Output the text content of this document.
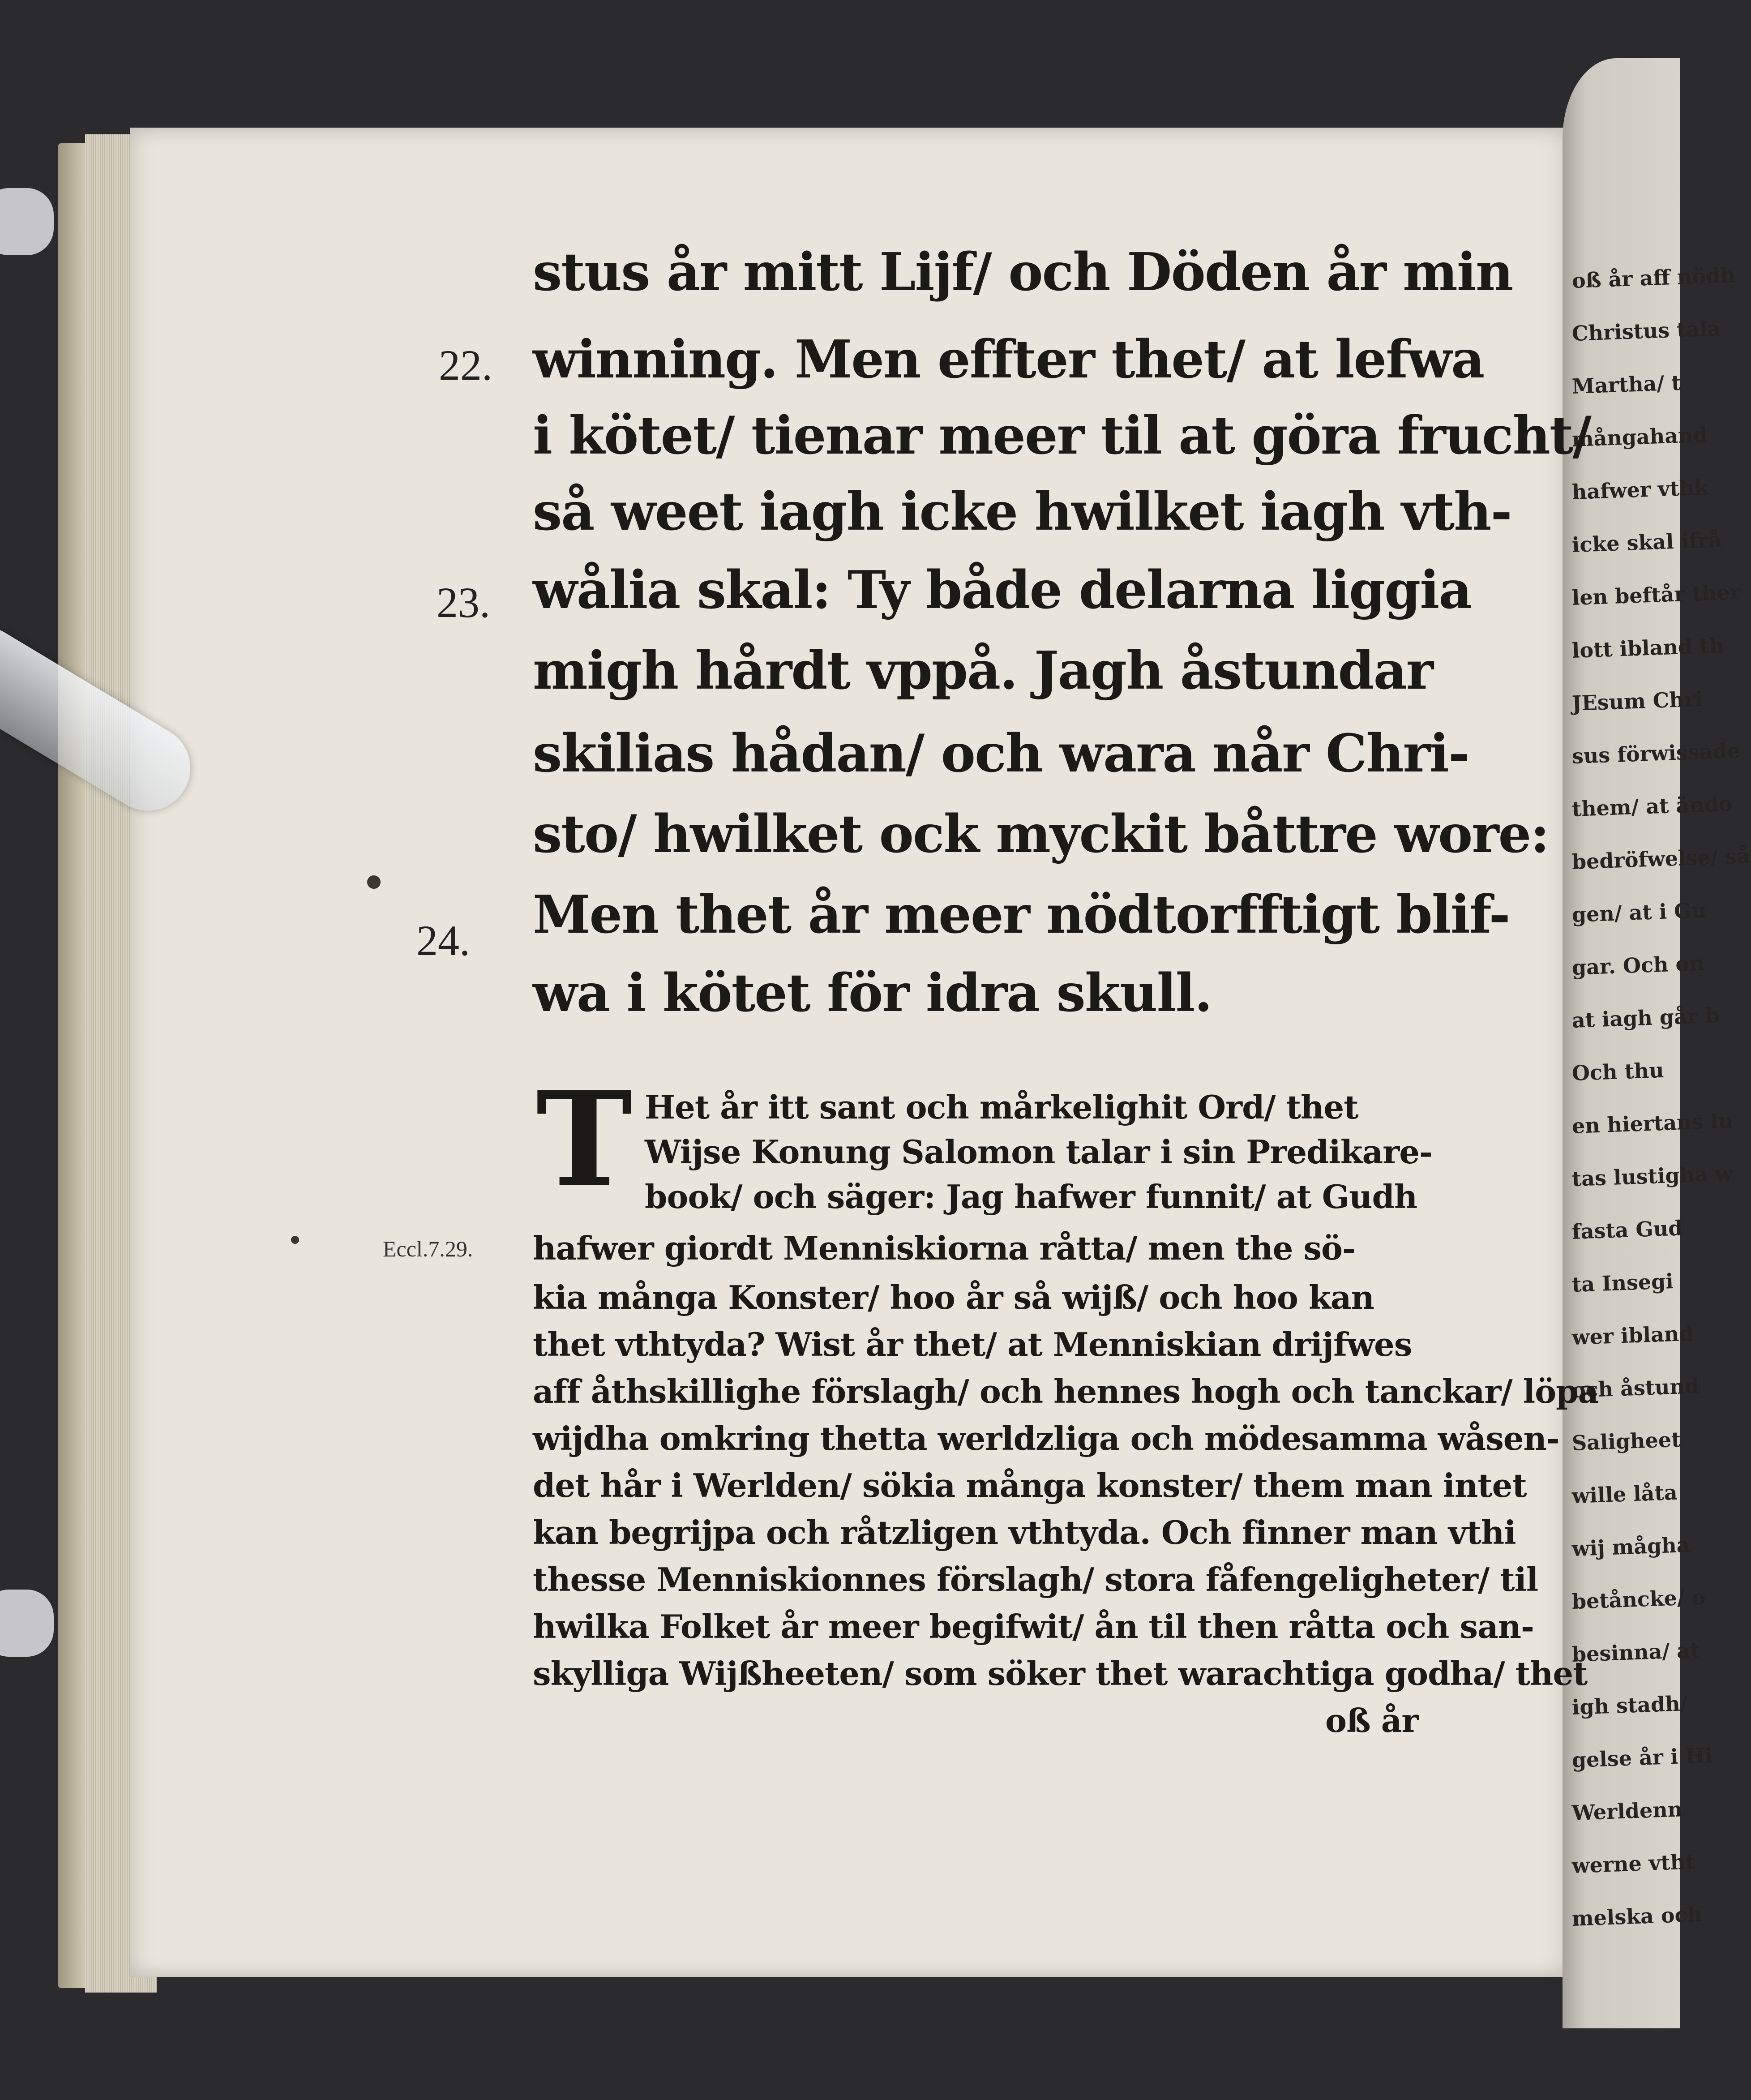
oß år aff nödh
Christus tala
Martha/ t
mångahand
hafwer vthk
icke skal ifrå
len beftår ther
lott ibland th
JEsum Chri
sus förwissade
them/ at ändo
bedröfwelse/ så
gen/ at i Gu
gar. Och on
at iagh går b
Och thu
en hiertans lu
tas lustigha w
fasta Gud
ta Insegi
wer ibland
och åstund
Saligheet
wille låta
wij mågha
betåncke/ o
besinna/ at
igh stadh/
gelse år i Hi
Werldenn
werne vtht
melska och
stus år mitt Lijf/ och Döden år min
winning. Men effter thet/ at lefwa
i kötet/ tienar meer til at göra frucht/
så weet iagh icke hwilket iagh vth-
wålia skal: Ty både delarna liggia
migh hårdt vppå. Jagh åstundar
skilias hådan/ och wara når Chri-
sto/ hwilket ock myckit båttre wore:
Men thet år meer nödtorfftigt blif-
wa i kötet för idra skull.
22.
23.
24.
T Het år itt sant och mårkelighit Ord/ thet
Wijse Konung Salomon talar i sin Predikare-
book/ och säger: Jag hafwer funnit/ at Gudh
hafwer giordt Menniskiorna råtta/ men the sö-
kia många Konster/ hoo år så wijß/ och hoo kan
thet vthtyda? Wist år thet/ at Menniskian drijfwes
aff åthskillighe förslagh/ och hennes hogh och tanckar/ löpa
wijdha omkring thetta werldzliga och mödesamma wåsen-
det hår i Werlden/ sökia många konster/ them man intet
kan begrijpa och råtzligen vthtyda. Och finner man vthi
thesse Menniskionnes förslagh/ stora fåfengeligheter/ til
hwilka Folket år meer begifwit/ ån til then råtta och san-
skylliga Wijßheeten/ som söker thet warachtiga godha/ thet
oß år
Eccl.7.29.
